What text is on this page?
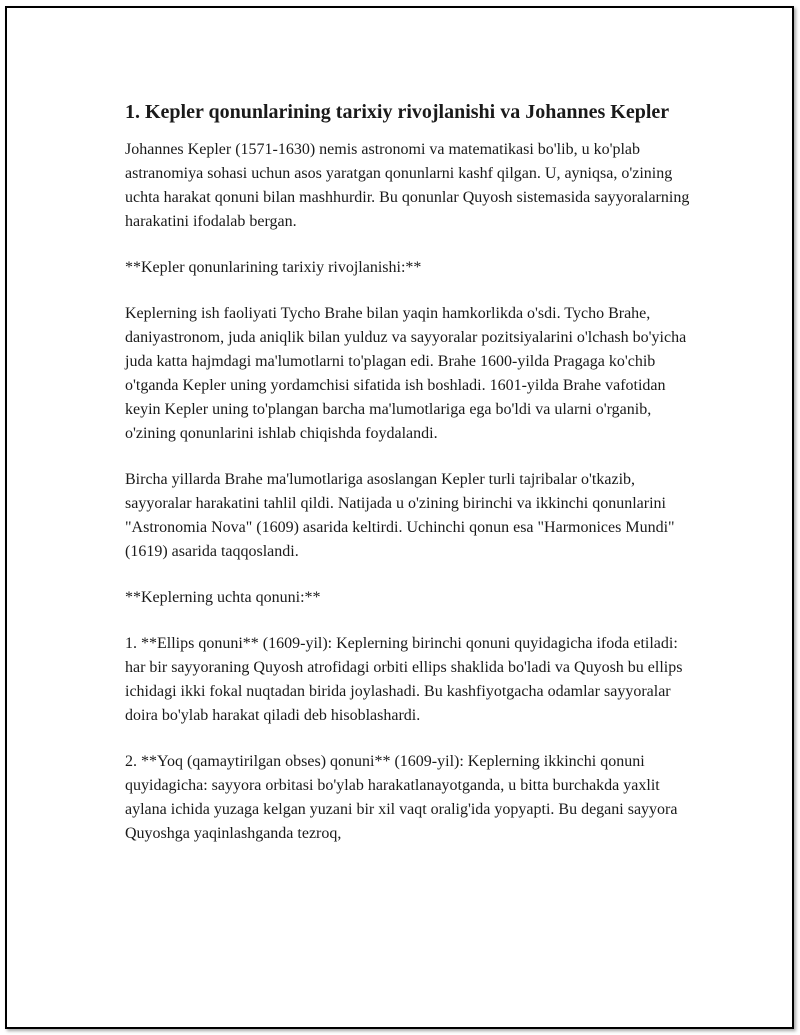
1. Kepler qonunlarining tarixiy rivojlanishi va Johannes Kepler

Johannes Kepler (1571-1630) nemis astronomi va matematikasi bo'lib, u ko'plab astranomiya sohasi uchun asos yaratgan qonunlarni kashf qilgan. U, ayniqsa, o'zining uchta harakat qonuni bilan mashhurdir. Bu qonunlar Quyosh sistemasida sayyoralarning harakatini ifodalab bergan.

**Kepler qonunlarining tarixiy rivojlanishi:**

Keplerning ish faoliyati Tycho Brahe bilan yaqin hamkorlikda o'sdi. Tycho Brahe, daniyastronom, juda aniqlik bilan yulduz va sayyoralar pozitsiyalarini o'lchash bo'yicha juda katta hajmdagi ma'lumotlarni to'plagan edi. Brahe 1600-yilda Pragaga ko'chib o'tganda Kepler uning yordamchisi sifatida ish boshladi. 1601-yilda Brahe vafotidan keyin Kepler uning to'plangan barcha ma'lumotlariga ega bo'ldi va ularni o'rganib, o'zining qonunlarini ishlab chiqishda foydalandi.

Bircha yillarda Brahe ma'lumotlariga asoslangan Kepler turli tajribalar o'tkazib, sayyoralar harakatini tahlil qildi. Natijada u o'zining birinchi va ikkinchi qonunlarini "Astronomia Nova" (1609) asarida keltirdi. Uchinchi qonun esa "Harmonices Mundi" (1619) asarida taqqoslandi.

**Keplerning uchta qonuni:**

1. **Ellips qonuni** (1609-yil): Keplerning birinchi qonuni quyidagicha ifoda etiladi: har bir sayyoraning Quyosh atrofidagi orbiti ellips shaklida bo'ladi va Quyosh bu ellips ichidagi ikki fokal nuqtadan birida joylashadi. Bu kashfiyotgacha odamlar sayyoralar doira bo'ylab harakat qiladi deb hisoblashardi.

2. **Yoq (qamaytirilgan obses) qonuni** (1609-yil): Keplerning ikkinchi qonuni quyidagicha: sayyora orbitasi bo'ylab harakatlanayotganda, u bitta burchakda yaxlit aylana ichida yuzaga kelgan yuzani bir xil vaqt oralig'ida yopyapti. Bu degani sayyora Quyoshga yaqinlashganda tezroq,
